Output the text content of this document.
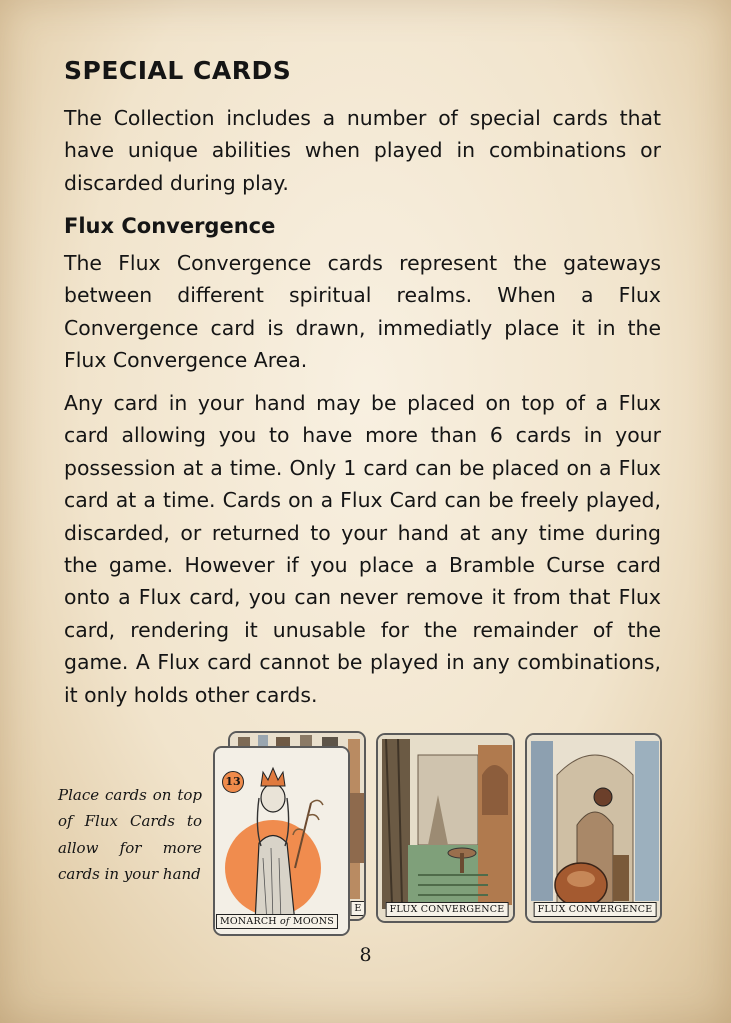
SPECIAL CARDS

The Collection includes a number of special cards that have unique abilities when played in combinations or discarded during play.

Flux Convergence

The Flux Convergence cards represent the gateways between different spiritual realms. When a Flux Convergence card is drawn, immediatly place it in the Flux Convergence Area.

Any card in your hand may be placed on top of a Flux card allowing you to have more than 6 cards in your possession at a time. Only 1 card can be placed on a Flux card at a time. Cards on a Flux Card can be freely played, discarded, or returned to your hand at any time during the game. However if you place a Bramble Curse card onto a Flux card, you can never remove it from that Flux card, rendering it unusable for the remainder of the game. A Flux card cannot be played in any combinations, it only holds other cards.

Place cards on top of Flux Cards to allow for more cards in your hand
E
13
MONARCH of MOONS
FLUX CONVERGENCE	FLUX CONVERGENCE
8
